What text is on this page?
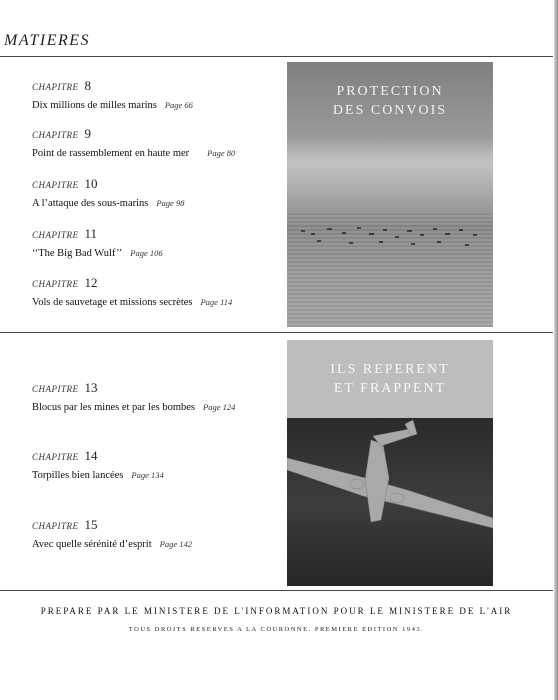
MATIERES
CHAPITRE 8
Dix millions de milles marins Page 66
CHAPITRE 9
Point de rassemblement en haute mer Page 80
CHAPITRE 10
A l’attaque des sous-marins Page 98
CHAPITRE 11
‘‘The Big Bad Wulf’’ Page 106
CHAPITRE 12
Vols de sauvetage et missions secrètes Page 114
PROTECTION
DES CONVOIS
CHAPITRE 13
Blocus par les mines et par les bombes Page 124
CHAPITRE 14
Torpilles bien lancées Page 134
CHAPITRE 15
Avec quelle sérénité d’esprit Page 142
ILS REPERENT
ET FRAPPENT
PREPARE PAR LE MINISTERE DE L'INFORMATION POUR LE MINISTERE DE L'AIR
TOUS DROITS RESERVES A LA COURONNE. PREMIERE EDITION 1943.
